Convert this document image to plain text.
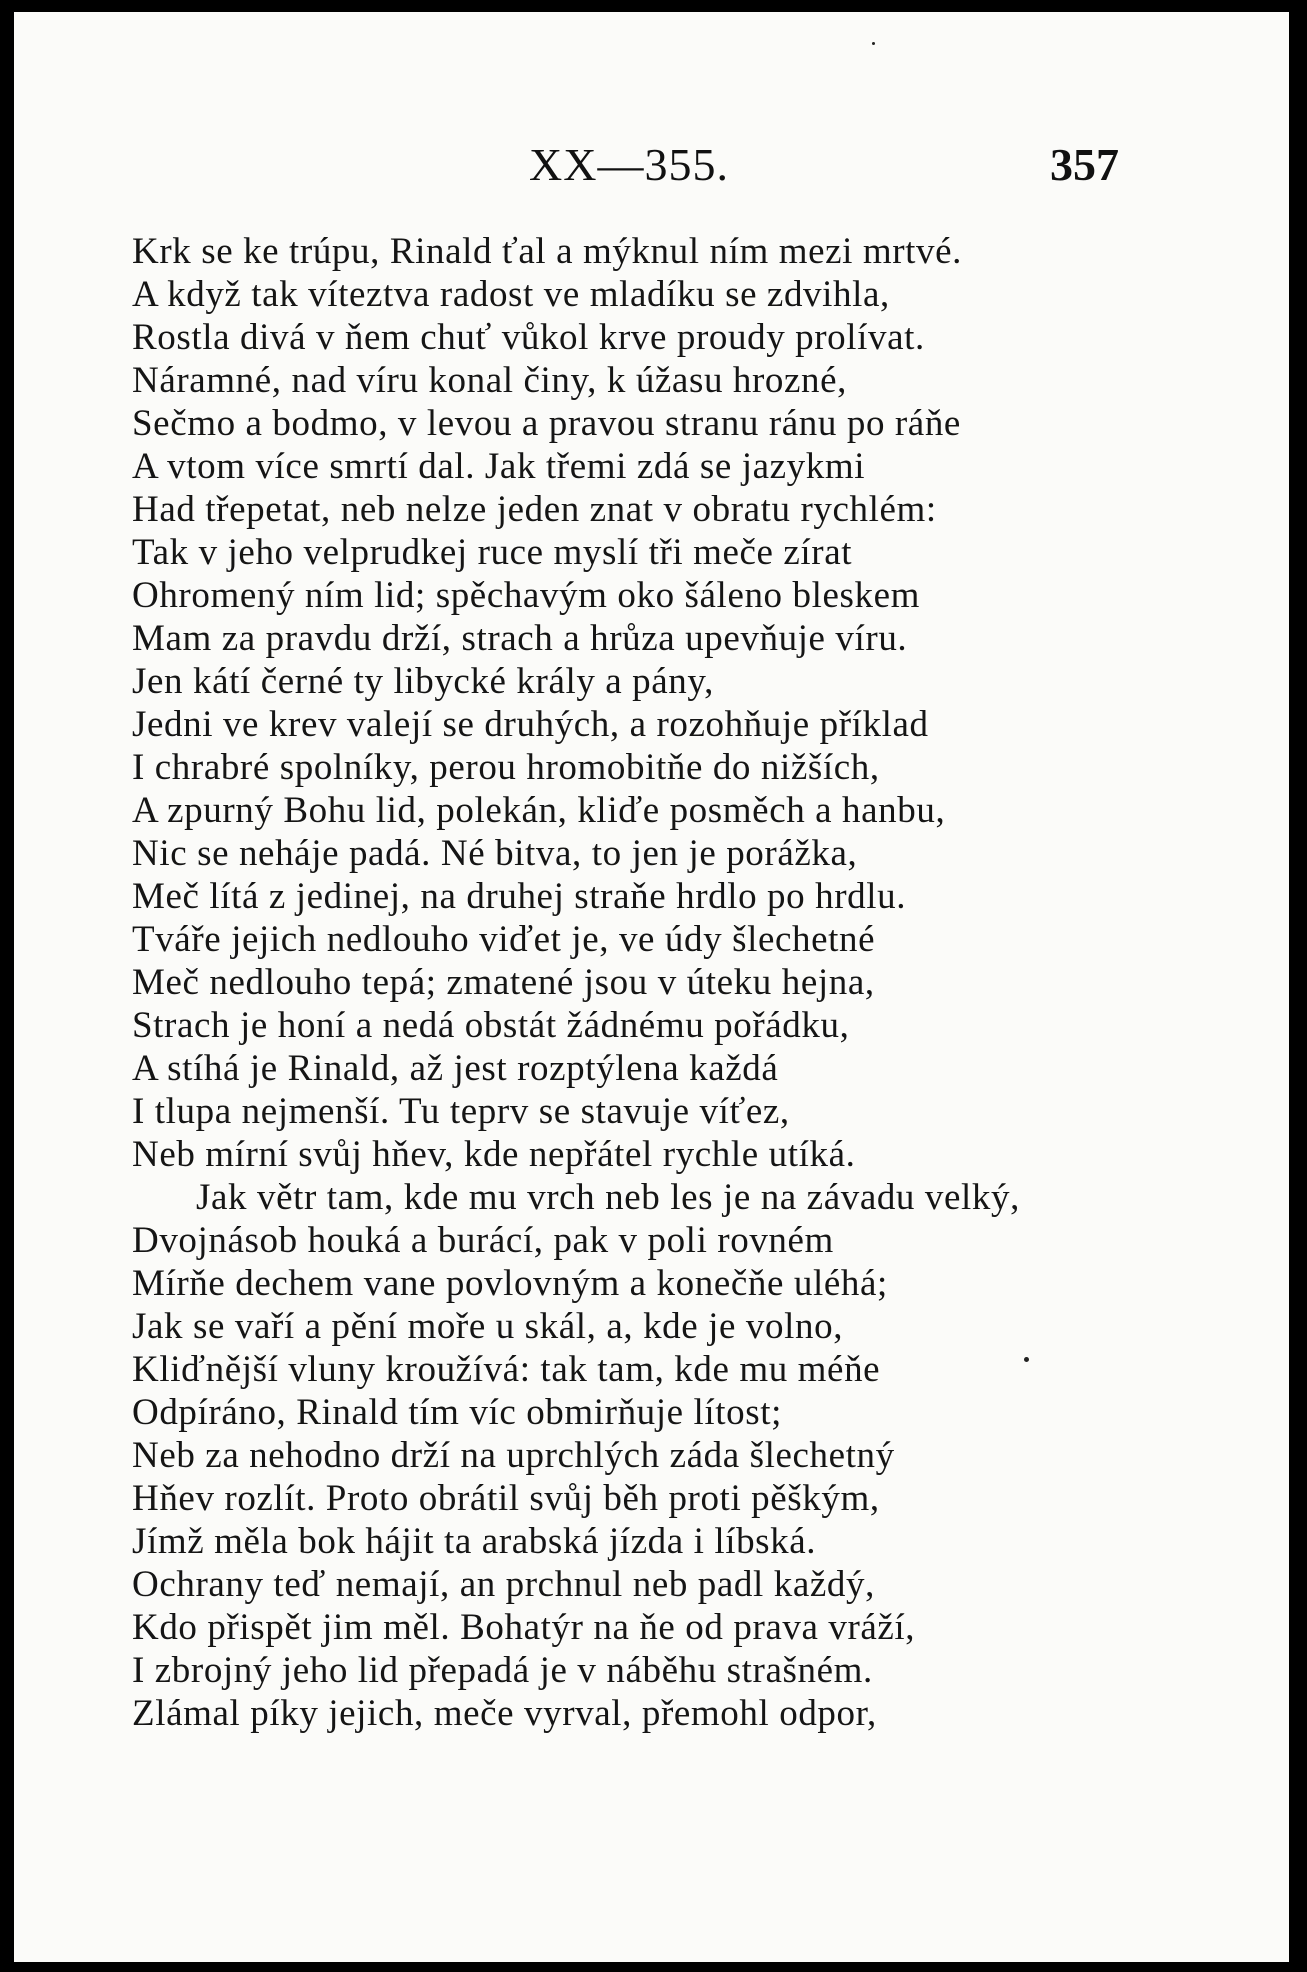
XX—355.	357
Krk se ke trúpu, Rinald ťal a mýknul ním mezi mrtvé.
A když tak víteztva radost ve mladíku se zdvihla,
Rostla divá v ňem chuť vůkol krve proudy prolívat.
Náramné, nad víru konal činy, k úžasu hrozné,
Sečmo a bodmo, v levou a pravou stranu ránu po ráňe
A vtom více smrtí dal. Jak třemi zdá se jazykmi
Had třepetat, neb nelze jeden znat v obratu rychlém:
Tak v jeho velprudkej ruce myslí tři meče zírat
Ohromený ním lid; spěchavým oko šáleno bleskem
Mam za pravdu drží, strach a hrůza upevňuje víru.
Jen kátí černé ty libycké krály a pány,
Jedni ve krev valejí se druhých, a rozohňuje příklad
I chrabré spolníky, perou hromobitňe do nižších,
A zpurný Bohu lid, polekán, kliďe posměch a hanbu,
Nic se neháje padá. Né bitva, to jen je porážka,
Meč lítá z jedinej, na druhej straňe hrdlo po hrdlu.
Tváře jejich nedlouho viďet je, ve údy šlechetné
Meč nedlouho tepá; zmatené jsou v úteku hejna,
Strach je honí a nedá obstát žádnému pořádku,
A stíhá je Rinald, až jest rozptýlena každá
I tlupa nejmenší. Tu teprv se stavuje víťez,
Neb mírní svůj hňev, kde nepřátel rychle utíká.
Jak větr tam, kde mu vrch neb les je na závadu velký,
Dvojnásob houká a burácí, pak v poli rovném
Mírňe dechem vane povlovným a konečňe uléhá;
Jak se vaří a pění moře u skál, a, kde je volno,
Kliďnější vluny kroužívá: tak tam, kde mu méňe
Odpíráno, Rinald tím víc obmirňuje lítost;
Neb za nehodno drží na uprchlých záda šlechetný
Hňev rozlít. Proto obrátil svůj běh proti pěškým,
Jímž měla bok hájit ta arabská jízda i líbská.
Ochrany teď nemají, an prchnul neb padl každý,
Kdo přispět jim měl. Bohatýr na ňe od prava vráží,
I zbrojný jeho lid přepadá je v náběhu strašném.
Zlámal píky jejich, meče vyrval, přemohl odpor,
